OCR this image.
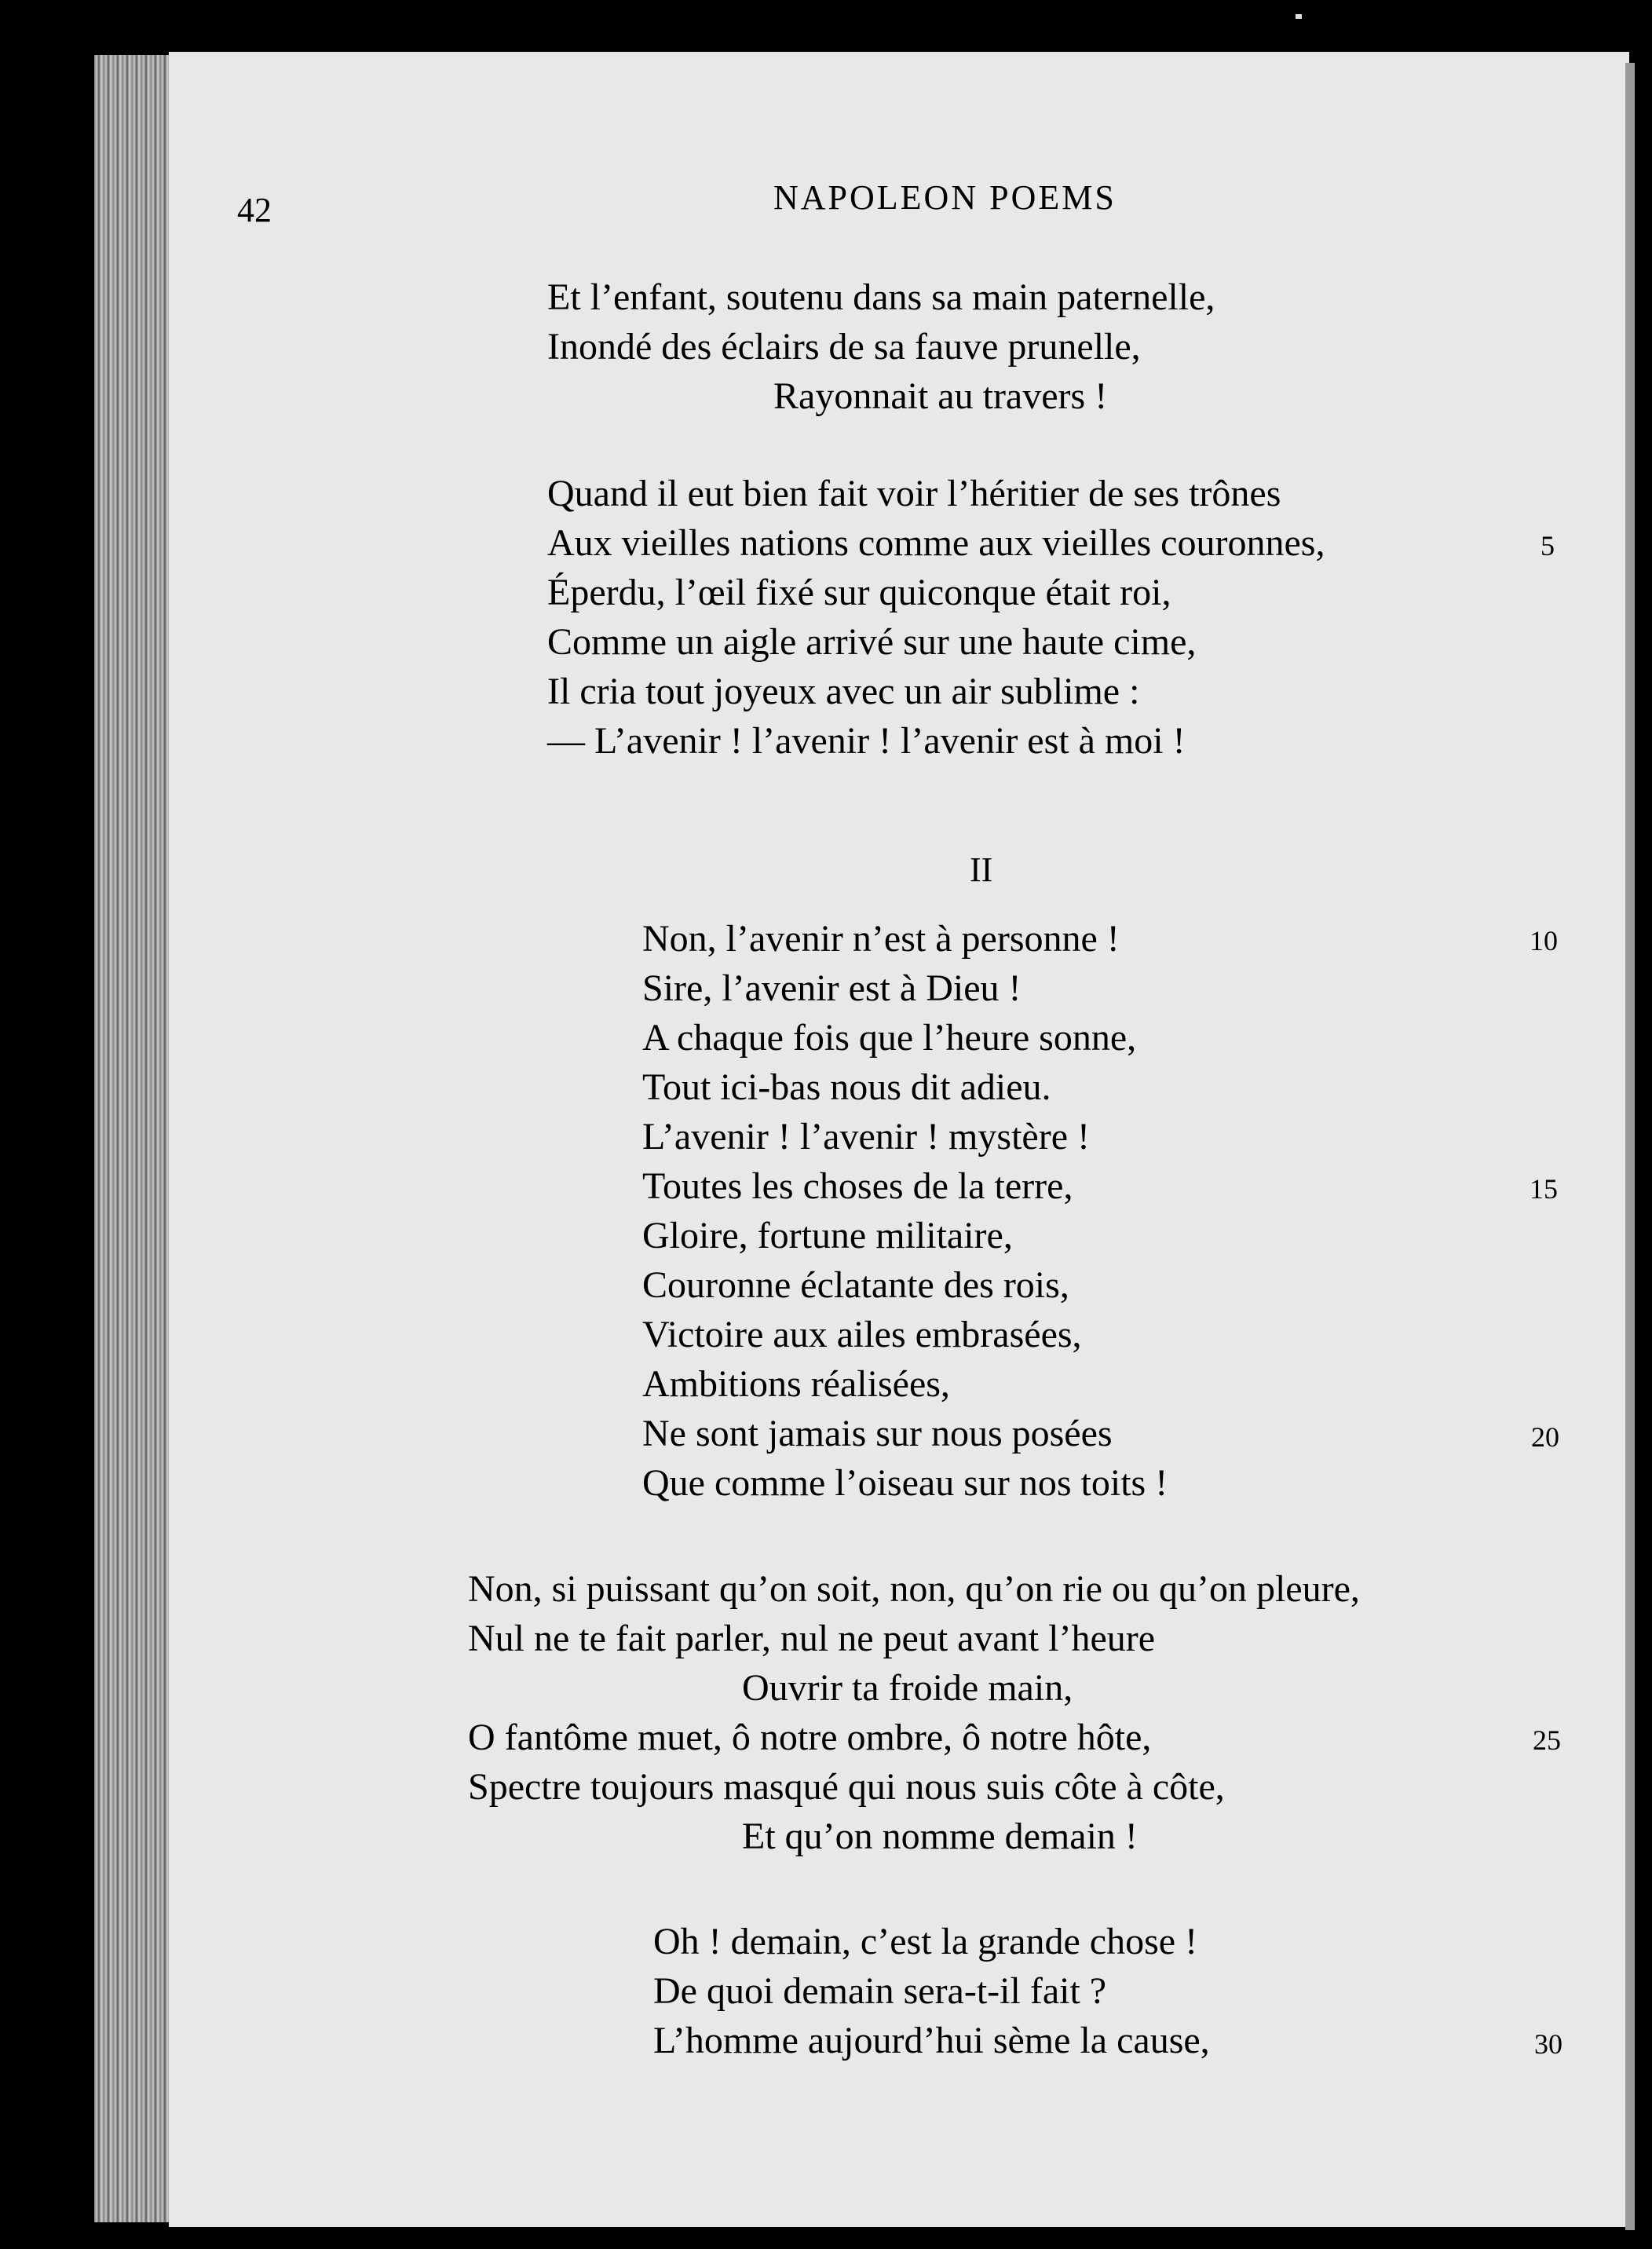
42	NAPOLEON POEMS

Et l’enfant, soutenu dans sa main paternelle,

Inondé des éclairs de sa fauve prunelle,

Rayonnait au travers !

Quand il eut bien fait voir l’héritier de ses trônes

Aux vieilles nations comme aux vieilles couronnes,	5

Éperdu, l’œil fixé sur quiconque était roi,

Comme un aigle arrivé sur une haute cime,

Il cria tout joyeux avec un air sublime :

— L’avenir ! l’avenir ! l’avenir est à moi !

II

Non, l’avenir n’est à personne !	10

Sire, l’avenir est à Dieu !

A chaque fois que l’heure sonne,

Tout ici-bas nous dit adieu.

L’avenir ! l’avenir ! mystère !

Toutes les choses de la terre,	15

Gloire, fortune militaire,

Couronne éclatante des rois,

Victoire aux ailes embrasées,

Ambitions réalisées,

Ne sont jamais sur nous posées	20

Que comme l’oiseau sur nos toits !

Non, si puissant qu’on soit, non, qu’on rie ou qu’on pleure,

Nul ne te fait parler, nul ne peut avant l’heure

Ouvrir ta froide main,

O fantôme muet, ô notre ombre, ô notre hôte,	25

Spectre toujours masqué qui nous suis côte à côte,

Et qu’on nomme demain !

Oh ! demain, c’est la grande chose !

De quoi demain sera-t-il fait ?

L’homme aujourd’hui sème la cause,	30
